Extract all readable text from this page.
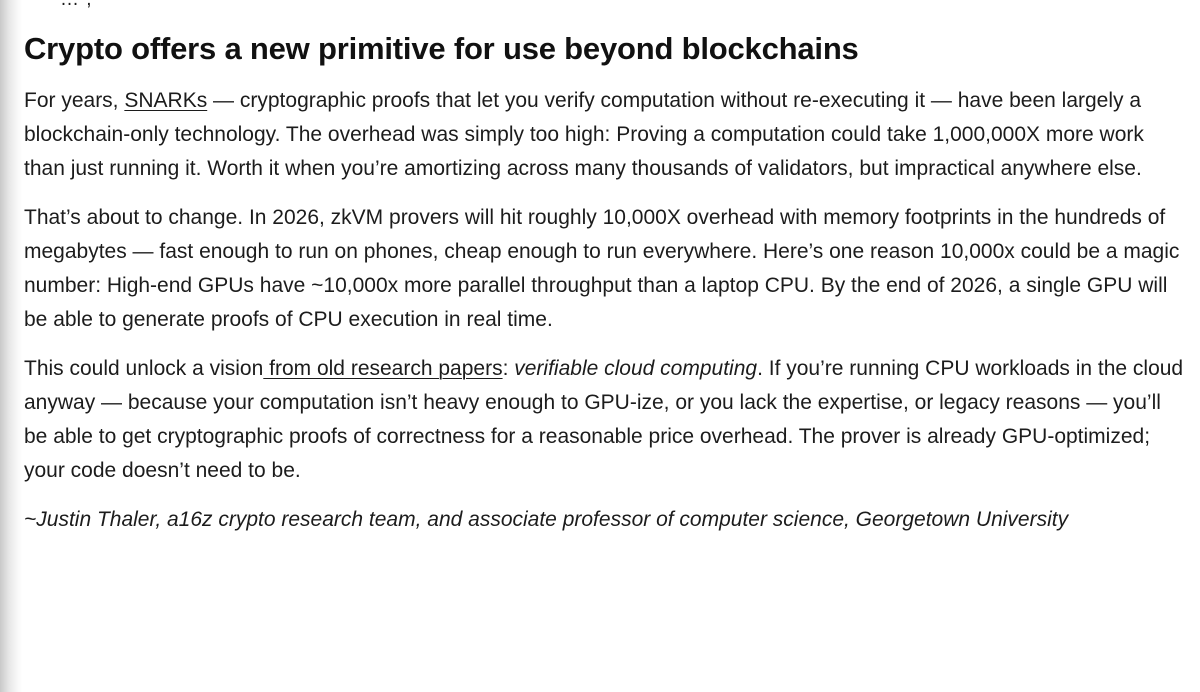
Crypto offers a new primitive for use beyond blockchains

For years, SNARKs — cryptographic proofs that let you verify computation without re-executing it — have been largely a blockchain-only technology. The overhead was simply too high: Proving a computation could take 1,000,000X more work than just running it. Worth it when you’re amortizing across many thousands of validators, but impractical anywhere else.

That’s about to change. In 2026, zkVM provers will hit roughly 10,000X overhead with memory footprints in the hundreds of megabytes — fast enough to run on phones, cheap enough to run everywhere. Here’s one reason 10,000x could be a magic number: High-end GPUs have ~10,000x more parallel throughput than a laptop CPU. By the end of 2026, a single GPU will be able to generate proofs of CPU execution in real time.

This could unlock a vision from old research papers: verifiable cloud computing. If you’re running CPU workloads in the cloud anyway — because your computation isn’t heavy enough to GPU-ize, or you lack the expertise, or legacy reasons — you’ll be able to get cryptographic proofs of correctness for a reasonable price overhead. The prover is already GPU-optimized; your code doesn’t need to be.

~Justin Thaler, a16z crypto research team, and associate professor of computer science, Georgetown University
